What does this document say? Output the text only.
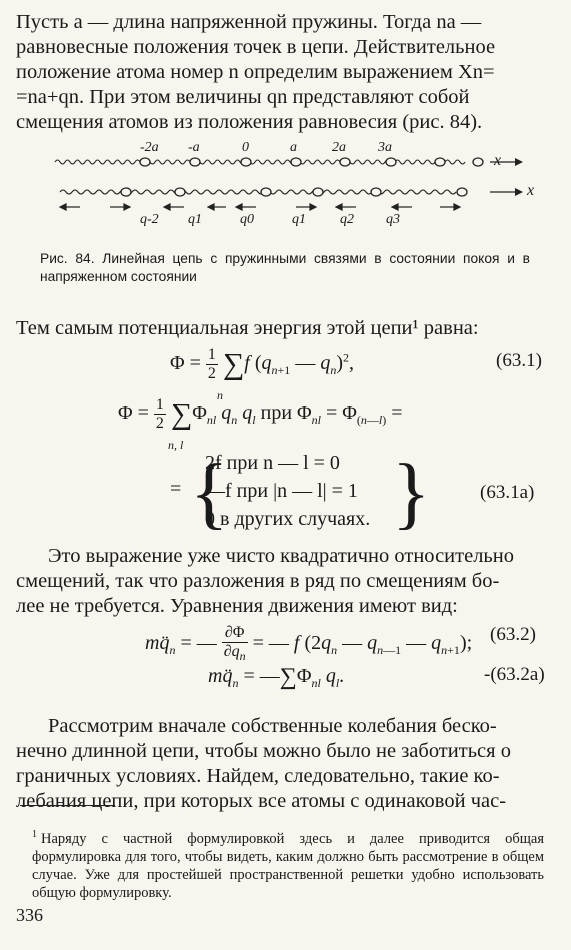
Пусть a — длина напряженной пружины. Тогда na —

равновесные положения точек в цепи. Действительное

положение атома номер n определим выражением Xn=

=na+qn. При этом величины qn представляют собой

смещения атомов из положения равновесия (рис. 84).

-2a -a	0	a	2a 3a
x
x
q-2 q1	q0	q1 q2 q3
Рис. 84. Линейная цепь с пружинными связями в состоянии покоя и в напряженном состоянии

Тем самым потенциальная энергия этой цепи¹ равна:

$\Phi = \frac{1}{2} \sum f$ ($q_{n+1}$ — $q_n)^2$,
n
(63.1)
$\Phi = \frac{1}{2} \sum\Phi_{nl}$ $q_n$ $q_l$ при $\Phi_{nl} = \Phi_{(n—l)}$ =
n, l
= {
2f при n — l = 0
—f при |n — l| = 1
0 в других случаях. }	(63.1a)

Это выражение уже чисто квадратично относительно

смещений, так что разложения в ряд по смещениям бо-

лее не требуется. Уравнения движения имеют вид:

$mq̈_n$ = — $\frac{\partial\Phi}{\partial q_n}$ = — f ($2q_n$ — $q_{n—1}$ — $q_{n+1}$); (63.2)
$mq̈_n$ = $—\sum\Phi_{nl}$ $q_l$.	-(63.2a)

Рассмотрим вначале собственные колебания беско-

нечно длинной цепи, чтобы можно было не заботиться о

граничных условиях. Найдем, следовательно, такие ко-

лебания цепи, при которых все атомы с одинаковой час-

$^1$ Наряду с частной формулировкой здесь и далее приводится общая формулировка для того, чтобы видеть, каким должно быть рассмотрение в общем случае. Уже для простейшей пространственной решетки удобно использовать общую формулировку.
336
